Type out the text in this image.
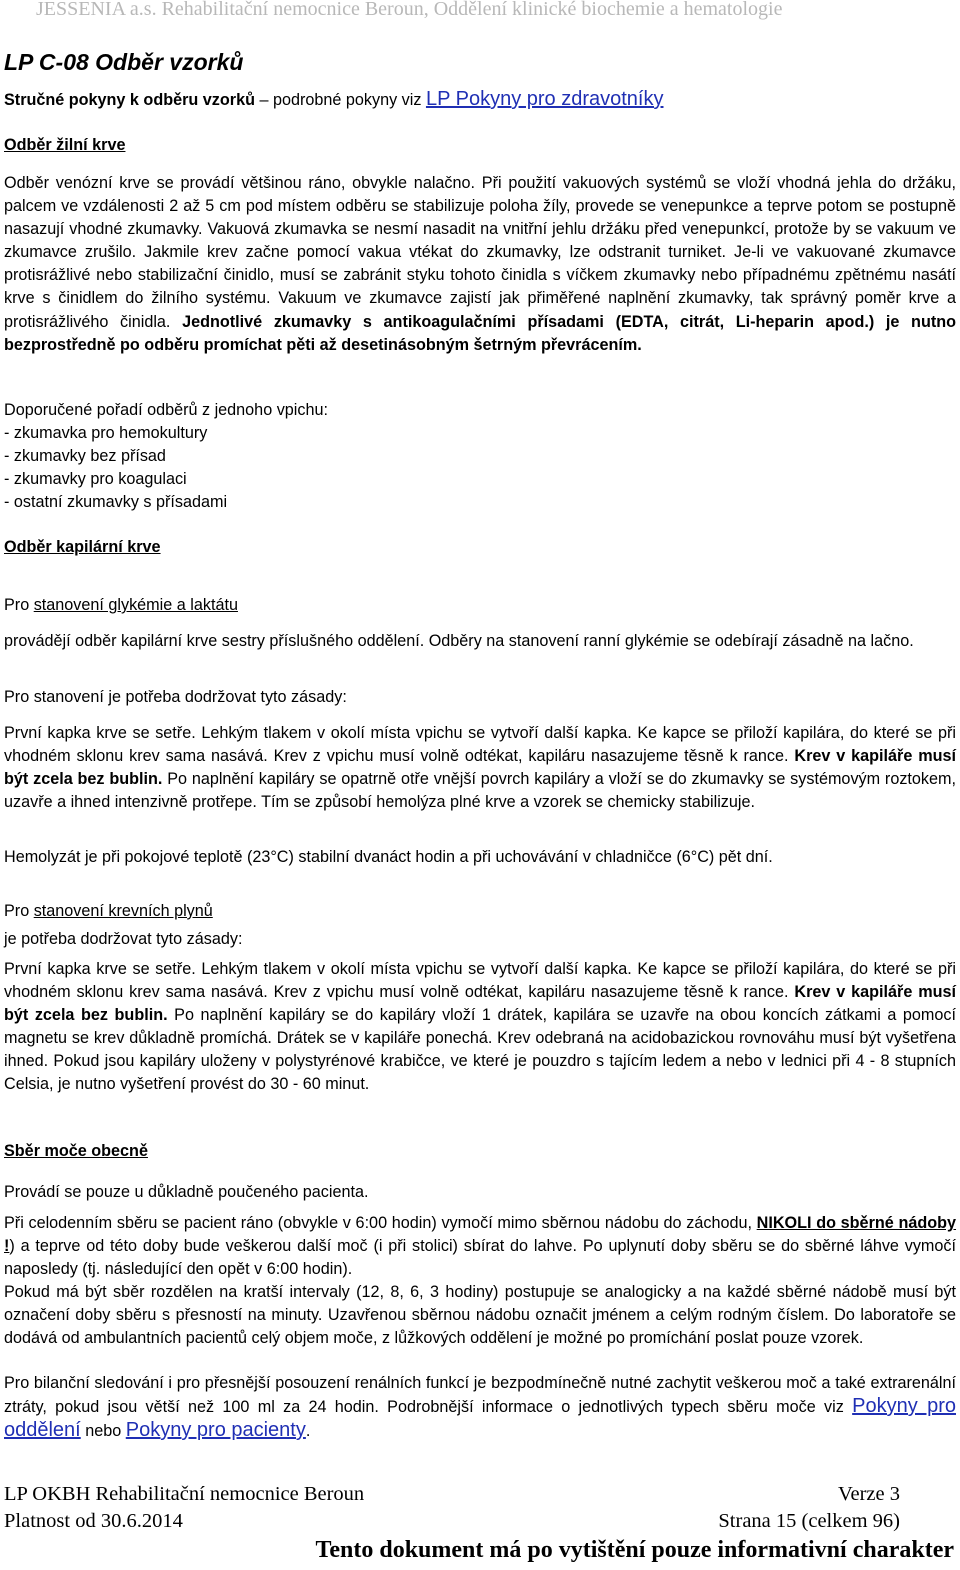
JESSENIA a.s. Rehabilitační nemocnice Beroun, Oddělení klinické biochemie a hematologie
LP C-08 Odběr vzorků
Stručné pokyny k odběru vzorků – podrobné pokyny viz LP Pokyny pro zdravotníky
Odběr žilní krve
Odběr venózní krve se provádí většinou ráno, obvykle nalačno. Při použití vakuových systémů se vloží vhodná jehla do držáku, palcem ve vzdálenosti 2 až 5 cm pod místem odběru se stabilizuje poloha žíly, provede se venepunkce a teprve potom se postupně nasazují vhodné zkumavky. Vakuová zkumavka se nesmí nasadit na vnitřní jehlu držáku před venepunkcí, protože by se vakuum ve zkumavce zrušilo. Jakmile krev začne pomocí vakua vtékat do zkumavky, lze odstranit turniket. Je-li ve vakuované zkumavce protisrážlivé nebo stabilizační činidlo, musí se zabránit styku tohoto činidla s víčkem zkumavky nebo případnému zpětnému nasátí krve s činidlem do žilního systému. Vakuum ve zkumavce zajistí jak přiměřené naplnění zkumavky, tak správný poměr krve a protisrážlivého činidla. Jednotlivé zkumavky s antikoagulačními přísadami (EDTA, citrát, Li-heparin apod.) je nutno bezprostředně po odběru promíchat pěti až desetinásobným šetrným převrácením.
Doporučené pořadí odběrů z jednoho vpichu:
- zkumavka pro hemokultury
- zkumavky bez přísad
- zkumavky pro koagulaci
- ostatní zkumavky s přísadami
Odběr kapilární krve
Pro stanovení glykémie a laktátu
provádějí odběr kapilární krve sestry příslušného oddělení. Odběry na stanovení ranní glykémie se odebírají zásadně na lačno.
Pro stanovení je potřeba dodržovat tyto zásady:
První kapka krve se setře. Lehkým tlakem v okolí místa vpichu se vytvoří další kapka. Ke kapce se přiloží kapilára, do které se při vhodném sklonu krev sama nasává. Krev z vpichu musí volně odtékat, kapiláru nasazujeme těsně k rance. Krev v kapiláře musí být zcela bez bublin. Po naplnění kapiláry se opatrně otře vnější povrch kapiláry a vloží se do zkumavky se systémovým roztokem, uzavře a ihned intenzivně protřepe. Tím se způsobí hemolýza plné krve a vzorek se chemicky stabilizuje.
Hemolyzát je při pokojové teplotě (23°C) stabilní dvanáct hodin a při uchovávání v chladničce (6°C) pět dní.
Pro stanovení krevních plynů
je potřeba dodržovat tyto zásady:
První kapka krve se setře. Lehkým tlakem v okolí místa vpichu se vytvoří další kapka. Ke kapce se přiloží kapilára, do které se při vhodném sklonu krev sama nasává. Krev z vpichu musí volně odtékat, kapiláru nasazujeme těsně k rance. Krev v kapiláře musí být zcela bez bublin. Po naplnění kapiláry se do kapiláry vloží 1 drátek, kapilára se uzavře na obou koncích zátkami a pomocí magnetu se krev důkladně promíchá. Drátek se v kapiláře ponechá. Krev odebraná na acidobazickou rovnováhu musí být vyšetřena ihned. Pokud jsou kapiláry uloženy v polystyrénové krabičce, ve které je pouzdro s tajícím ledem a nebo v lednici při 4 - 8 stupních Celsia, je nutno vyšetření provést do 30 - 60 minut.
Sběr moče obecně
Provádí se pouze u důkladně poučeného pacienta.
Při celodenním sběru se pacient ráno (obvykle v 6:00 hodin) vymočí mimo sběrnou nádobu do záchodu, NIKOLI do sběrné nádoby !) a teprve od této doby bude veškerou další moč (i při stolici) sbírat do lahve. Po uplynutí doby sběru se do sběrné láhve vymočí naposledy (tj. následující den opět v 6:00 hodin).
Pokud má být sběr rozdělen na kratší intervaly (12, 8, 6, 3 hodiny) postupuje se analogicky a na každé sběrné nádobě musí být označení doby sběru s přesností na minuty. Uzavřenou sběrnou nádobu označit jménem a celým rodným číslem. Do laboratoře se dodává od ambulantních pacientů celý objem moče, z lůžkových oddělení je možné po promíchání poslat pouze vzorek.
Pro bilanční sledování i pro přesnější posouzení renálních funkcí je bezpodmínečně nutné zachytit veškerou moč a také extrarenální ztráty, pokud jsou větší než 100 ml za 24 hodin. Podrobnější informace o jednotlivých typech sběru moče viz Pokyny pro oddělení nebo Pokyny pro pacienty.
LP OKBH Rehabilitační nemocnice Beroun	Verze 3
Platnost od 30.6.2014	Strana 15 (celkem 96)
Tento dokument má po vytištění pouze informativní charakter
